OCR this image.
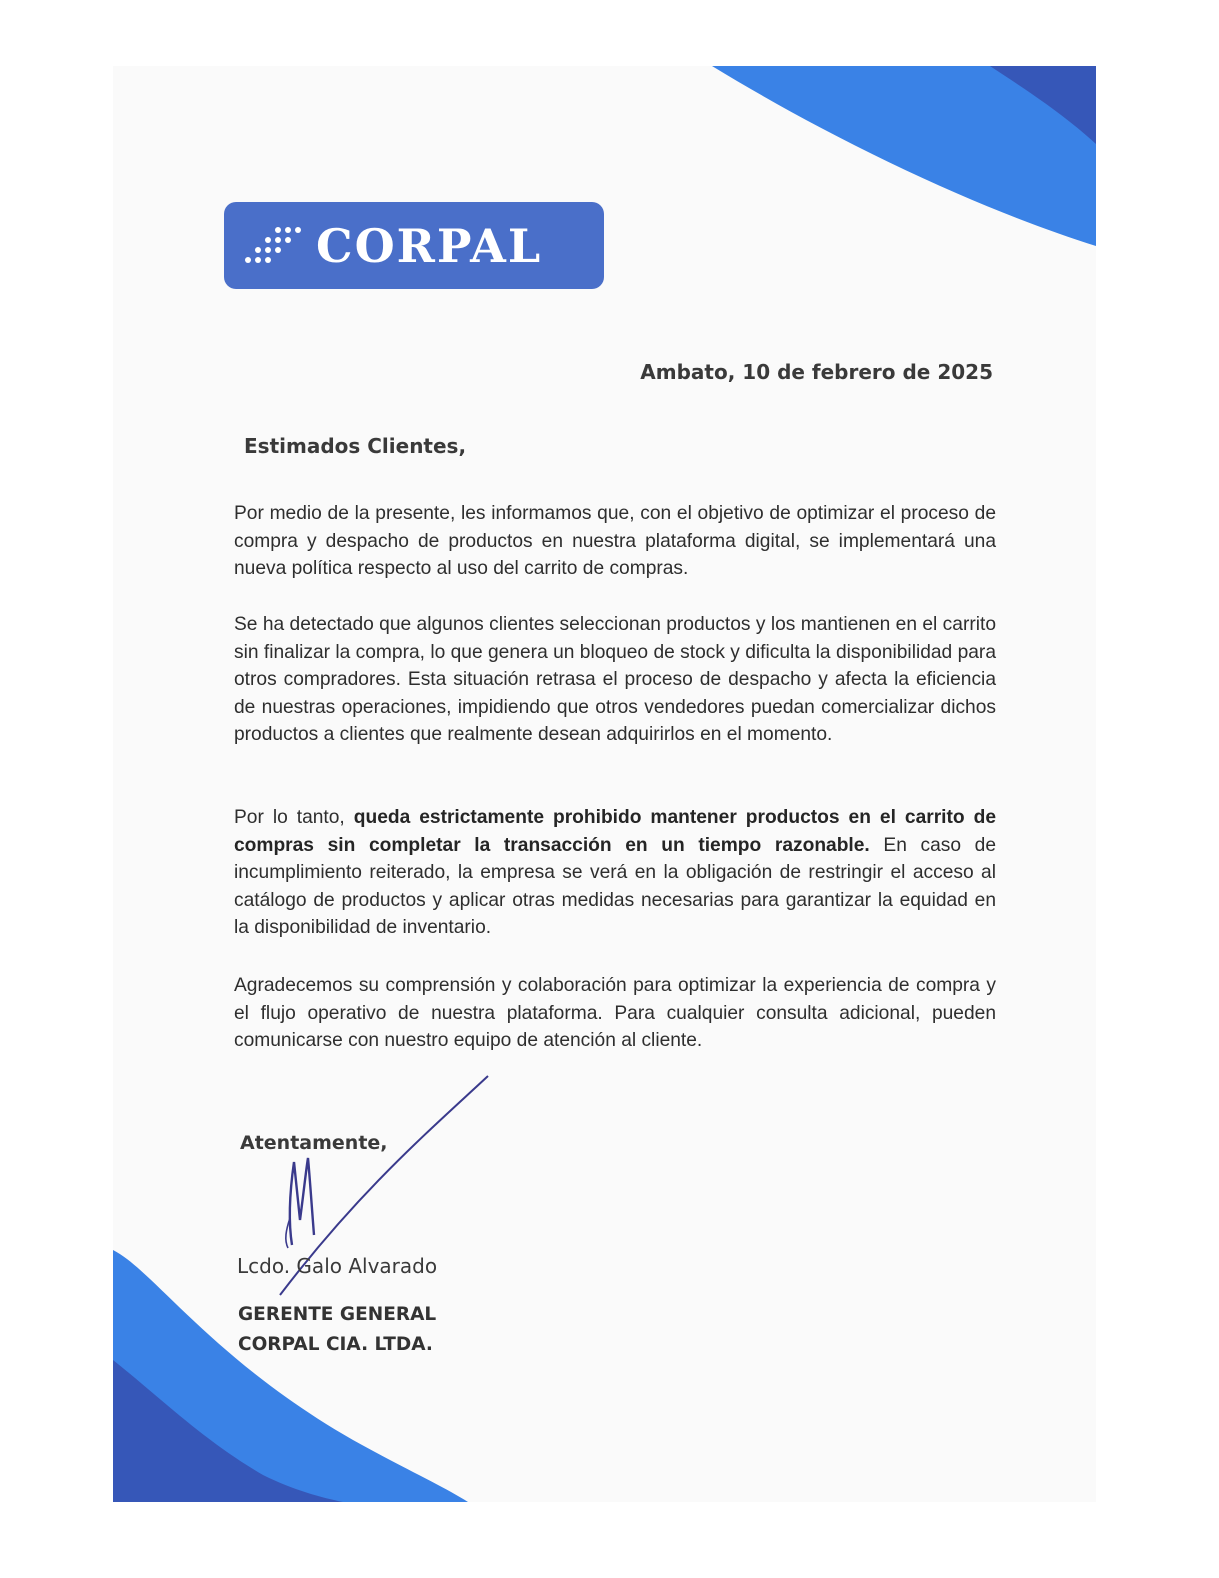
CORPAL
Ambato, 10 de febrero de 2025
Estimados Clientes,

Por medio de la presente, les informamos que, con el objetivo de optimizar el proceso de compra y despacho de productos en nuestra plataforma digital, se implementará una nueva política respecto al uso del carrito de compras.

Se ha detectado que algunos clientes seleccionan productos y los mantienen en el carrito sin finalizar la compra, lo que genera un bloqueo de stock y dificulta la disponibilidad para otros compradores. Esta situación retrasa el proceso de despacho y afecta la eficiencia de nuestras operaciones, impidiendo que otros vendedores puedan comercializar dichos productos a clientes que realmente desean adquirirlos en el momento.

Por lo tanto, queda estrictamente prohibido mantener productos en el carrito de compras sin completar la transacción en un tiempo razonable. En caso de incumplimiento reiterado, la empresa se verá en la obligación de restringir el acceso al catálogo de productos y aplicar otras medidas necesarias para garantizar la equidad en la disponibilidad de inventario.

Agradecemos su comprensión y colaboración para optimizar la experiencia de compra y el flujo operativo de nuestra plataforma. Para cualquier consulta adicional, pueden comunicarse con nuestro equipo de atención al cliente.

Atentamente,
Lcdo. Galo Alvarado
GERENTE GENERAL
CORPAL CIA. LTDA.
